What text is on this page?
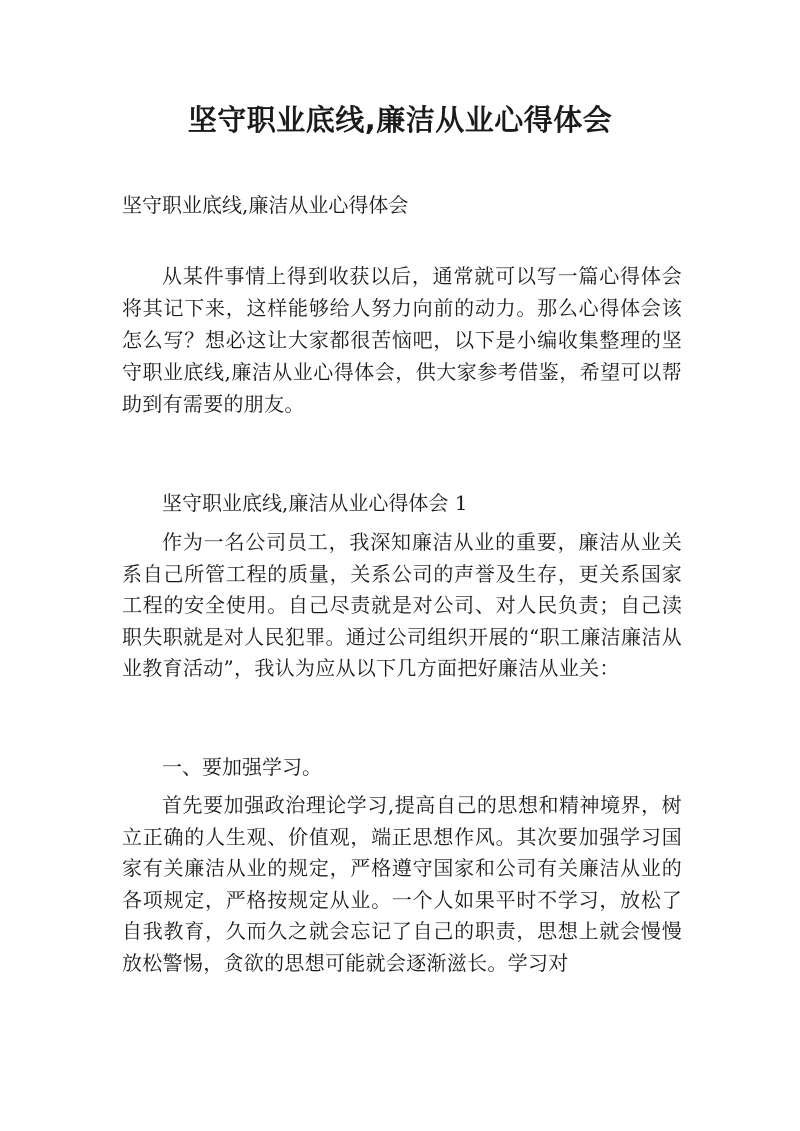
坚守职业底线,廉洁从业心得体会

坚守职业底线,廉洁从业心得体会

从某件事情上得到收获以后，通常就可以写一篇心得体会将其记下来，这样能够给人努力向前的动力。那么心得体会该怎么写？想必这让大家都很苦恼吧，以下是小编收集整理的坚守职业底线,廉洁从业心得体会，供大家参考借鉴，希望可以帮助到有需要的朋友。

坚守职业底线,廉洁从业心得体会 1

作为一名公司员工，我深知廉洁从业的重要，廉洁从业关系自己所管工程的质量，关系公司的声誉及生存，更关系国家工程的安全使用。自己尽责就是对公司、对人民负责；自己渎职失职就是对人民犯罪。通过公司组织开展的“职工廉洁廉洁从业教育活动”，我认为应从以下几方面把好廉洁从业关：

一、要加强学习。

首先要加强政治理论学习,提高自己的思想和精神境界，树立正确的人生观、价值观，端正思想作风。其次要加强学习国家有关廉洁从业的规定，严格遵守国家和公司有关廉洁从业的各项规定，严格按规定从业。一个人如果平时不学习，放松了自我教育，久而久之就会忘记了自己的职责，思想上就会慢慢放松警惕，贪欲的思想可能就会逐渐滋长。学习对
